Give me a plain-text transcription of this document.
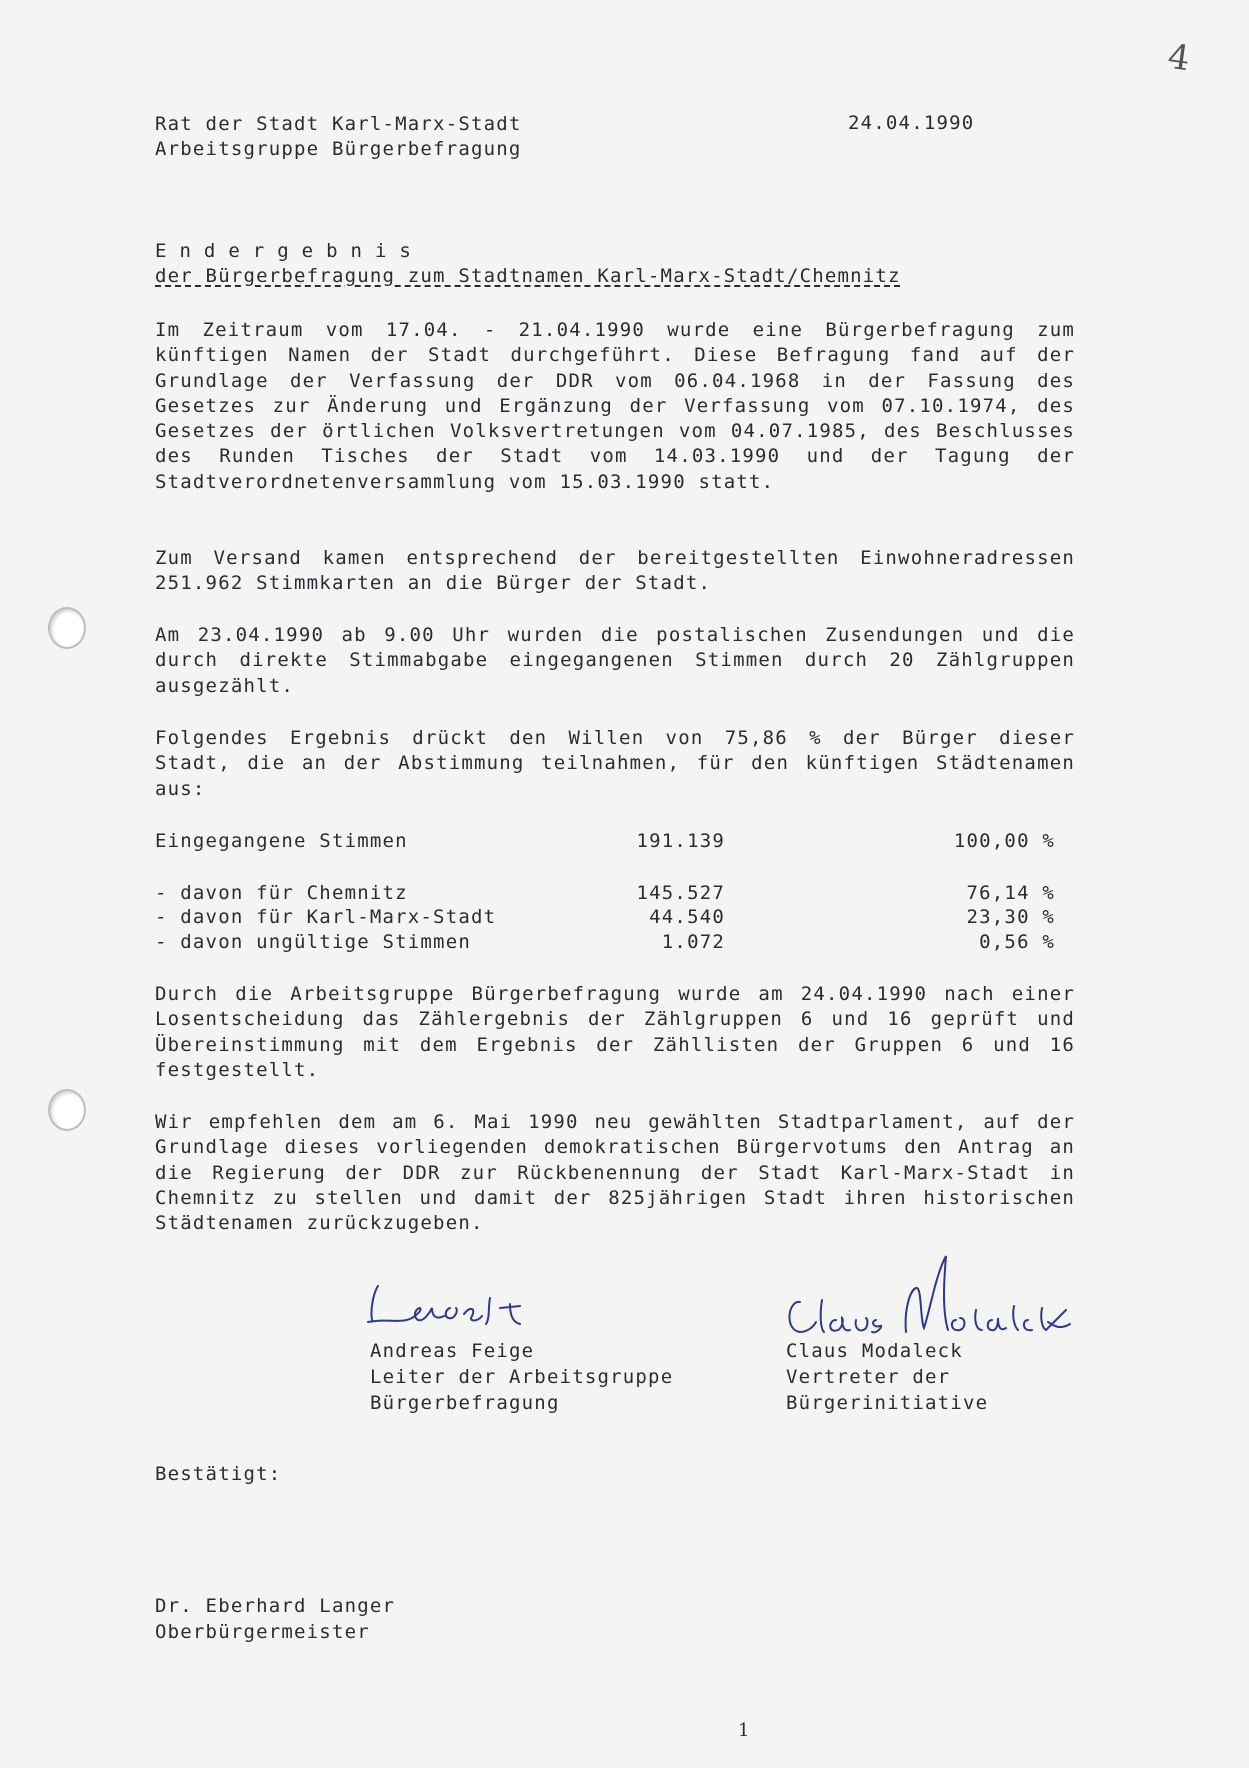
4
Rat der Stadt Karl-Marx-Stadt
Arbeitsgruppe Bürgerbefragung
24.04.1990
Endergebnis
der Bürgerbefragung zum Stadtnamen Karl-Marx-Stadt/Chemnitz
Im Zeitraum vom 17.04. - 21.04.1990 wurde eine Bürgerbefragung zum künftigen Namen der Stadt durchgeführt. Diese Befragung fand auf der Grundlage der Verfassung der DDR vom 06.04.1968 in der Fassung des Gesetzes zur Änderung und Ergänzung der Verfassung vom 07.10.1974, des Gesetzes der örtlichen Volksvertretungen vom 04.07.1985, des Beschlusses des Runden Tisches der Stadt vom 14.03.1990 und der Tagung der Stadtverordnetenversammlung vom 15.03.1990 statt.
Zum Versand kamen entsprechend der bereitgestellten Einwohneradressen 251.962 Stimmkarten an die Bürger der Stadt.
Am 23.04.1990 ab 9.00 Uhr wurden die postalischen Zusendungen und die durch direkte Stimmabgabe eingegangenen Stimmen durch 20 Zählgruppen ausgezählt.
Folgendes Ergebnis drückt den Willen von 75,86 % der Bürger dieser Stadt, die an der Abstimmung teilnahmen, für den künftigen Städtenamen aus:
Eingegangene Stimmen	191.139	100,00 %
- davon für Chemnitz	145.527	76,14 %
- davon für Karl-Marx-Stadt	44.540	23,30 %
- davon ungültige Stimmen	1.072	0,56 %
Durch die Arbeitsgruppe Bürgerbefragung wurde am 24.04.1990 nach einer Losentscheidung das Zählergebnis der Zählgruppen 6 und 16 geprüft und Übereinstimmung mit dem Ergebnis der Zähllisten der Gruppen 6 und 16 festgestellt.
Wir empfehlen dem am 6. Mai 1990 neu gewählten Stadtparlament, auf der Grundlage dieses vorliegenden demokratischen Bürgervotums den Antrag an die Regierung der DDR zur Rückbenennung der Stadt Karl-Marx-Stadt in Chemnitz zu stellen und damit der 825jährigen Stadt ihren historischen Städtenamen zurückzugeben.
Andreas Feige
Leiter der Arbeitsgruppe
Bürgerbefragung
Claus Modaleck
Vertreter der
Bürgerinitiative
Bestätigt:
Dr. Eberhard Langer
Oberbürgermeister
1
